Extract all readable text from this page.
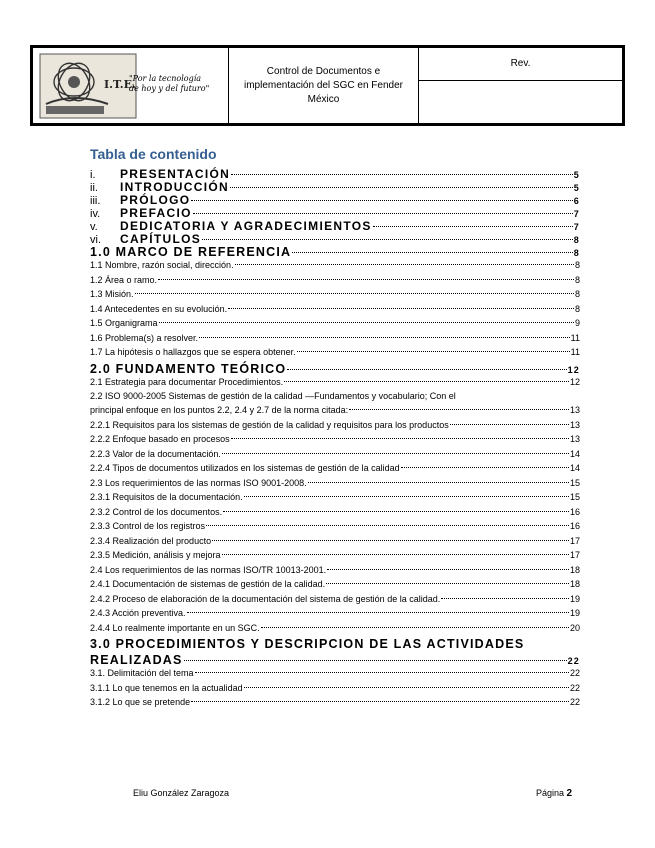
I.T.E.
"Por la tecnología
de hoy y del futuro"
Control de Documentos e implementación del SGC en Fender México
Rev.
Tabla de contenido
i.	PRESENTACIÓN	5
ii.	INTRODUCCIÓN	5
iii.	PRÓLOGO	6
iv.	PREFACIO	7
v.	DEDICATORIA Y AGRADECIMIENTOS	7
vi.	CAPÍTULOS	8
1.0 MARCO DE REFERENCIA	8
1.1 Nombre, razón social, dirección.	8
1.2 Área o ramo.	8
1.3 Misión.	8
1.4 Antecedentes en su evolución.	8
1.5 Organigrama	9
1.6 Problema(s) a resolver.	11
1.7 La hipótesis o hallazgos que se espera obtener.	11
2.0 FUNDAMENTO TEÓRICO	12
2.1 Estrategia para documentar Procedimientos.	12
2.2 ISO 9000-2005 Sistemas de gestión de la calidad —Fundamentos y vocabulario; Con el
principal enfoque en los puntos 2.2, 2.4 y 2.7 de la norma citada:	13
2.2.1 Requisitos para los sistemas de gestión de la calidad y requisitos para los productos	13
2.2.2 Enfoque basado en procesos	13
2.2.3 Valor de la documentación.	14
2.2.4 Tipos de documentos utilizados en los sistemas de gestión de la calidad	14
2.3 Los requerimientos de las normas ISO 9001-2008.	15
2.3.1 Requisitos de la documentación.	15
2.3.2 Control de los documentos.	16
2.3.3 Control de los registros	16
2.3.4 Realización del producto	17
2.3.5 Medición, análisis y mejora	17
2.4 Los requerimientos de las normas ISO/TR 10013-2001.	18
2.4.1 Documentación de sistemas de gestión de la calidad.	18
2.4.2 Proceso de elaboración de la documentación del sistema de gestión de la calidad.	19
2.4.3 Acción preventiva.	19
2.4.4 Lo realmente importante en un SGC.	20
3.0 PROCEDIMIENTOS Y DESCRIPCION DE LAS ACTIVIDADES
REALIZADAS	22
3.1. Delimitación del tema	22
3.1.1 Lo que tenemos en la actualidad	22
3.1.2 Lo que se pretende	22
Eliu González Zaragoza	Página 2
